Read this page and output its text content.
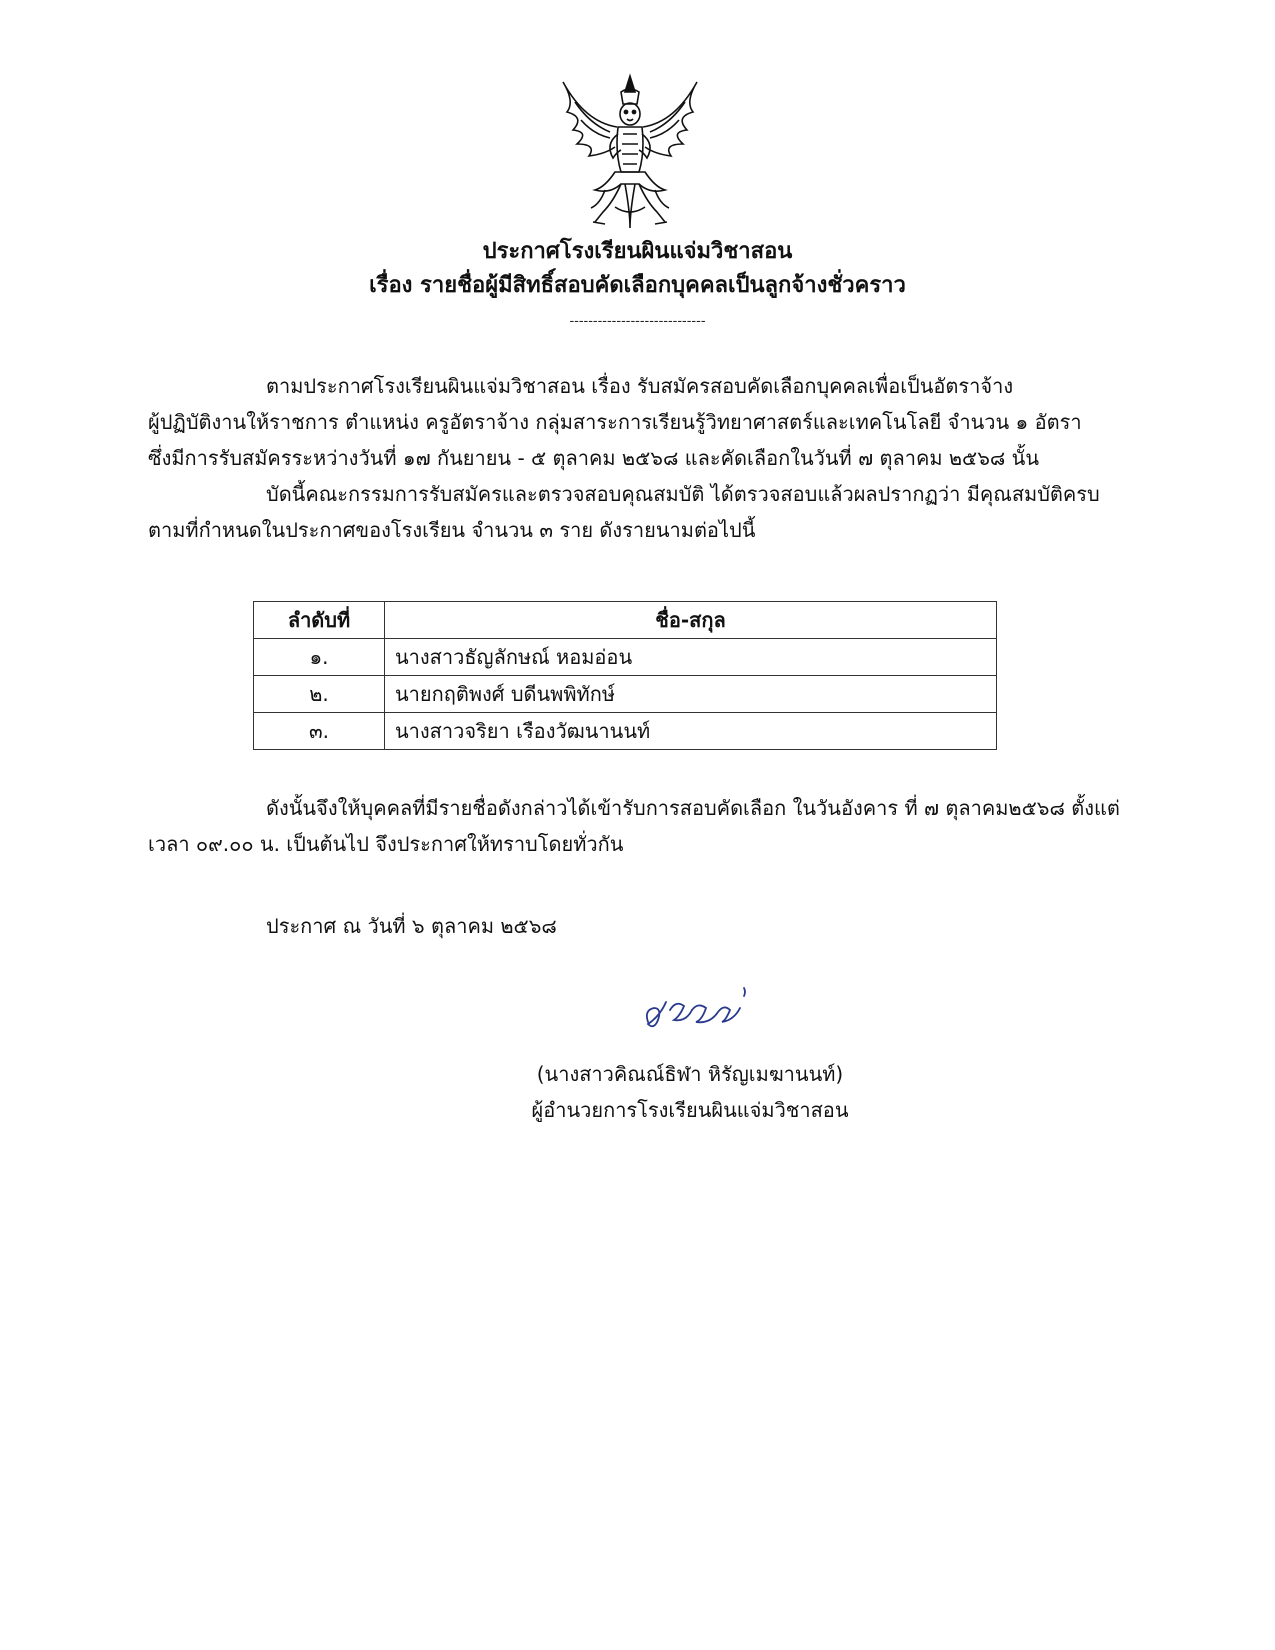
ประกาศโรงเรียนผินแจ่มวิชาสอน
เรื่อง รายชื่อผู้มีสิทธิ์สอบคัดเลือกบุคคลเป็นลูกจ้างชั่วคราว
-----------------------------
ตามประกาศโรงเรียนผินแจ่มวิชาสอน เรื่อง รับสมัครสอบคัดเลือกบุคคลเพื่อเป็นอัตราจ้าง
ผู้ปฏิบัติงานให้ราชการ ตำแหน่ง ครูอัตราจ้าง กลุ่มสาระการเรียนรู้วิทยาศาสตร์และเทคโนโลยี จำนวน ๑ อัตรา
ซึ่งมีการรับสมัครระหว่างวันที่ ๑๗ กันยายน - ๕ ตุลาคม ๒๕๖๘ และคัดเลือกในวันที่ ๗ ตุลาคม ๒๕๖๘ นั้น
บัดนี้คณะกรรมการรับสมัครและตรวจสอบคุณสมบัติ ได้ตรวจสอบแล้วผลปรากฏว่า มีคุณสมบัติครบ
ตามที่กำหนดในประกาศของโรงเรียน จำนวน ๓ ราย ดังรายนามต่อไปนี้
ลำดับที่	ชื่อ-สกุล
๑.	นางสาวธัญลักษณ์ หอมอ่อน
๒.	นายกฤติพงศ์ บดีนพพิทักษ์
๓.	นางสาวจริยา เรืองวัฒนานนท์
ดังนั้นจึงให้บุคคลที่มีรายชื่อดังกล่าวได้เข้ารับการสอบคัดเลือก ในวันอังคาร ที่ ๗ ตุลาคม๒๕๖๘ ตั้งแต่
เวลา ๐๙.๐๐ น. เป็นต้นไป จึงประกาศให้ทราบโดยทั่วกัน
ประกาศ ณ วันที่ ๖ ตุลาคม ๒๕๖๘
(นางสาวคิณณ์ธิฬา หิรัญเมฆานนท์)
ผู้อำนวยการโรงเรียนผินแจ่มวิชาสอน
